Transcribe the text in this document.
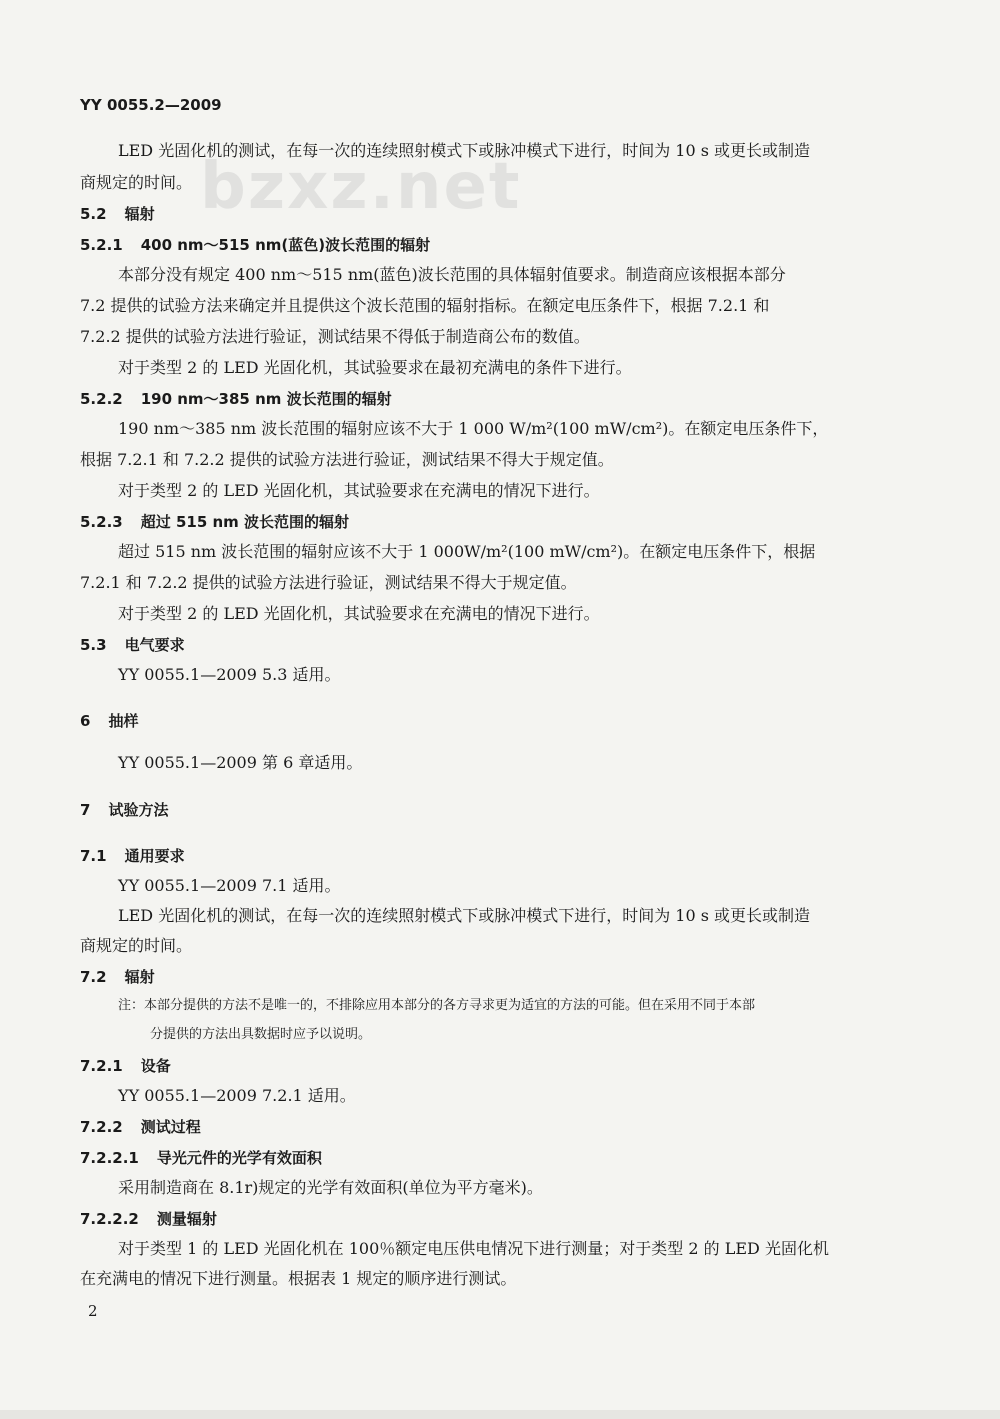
bzxz.net
YY 0055.2—2009
LED 光固化机的测试，在每一次的连续照射模式下或脉冲模式下进行，时间为 10 s 或更长或制造
商规定的时间。
5.2 辐射
5.2.1 400 nm～515 nm(蓝色)波长范围的辐射
本部分没有规定 400 nm～515 nm(蓝色)波长范围的具体辐射值要求。制造商应该根据本部分
7.2 提供的试验方法来确定并且提供这个波长范围的辐射指标。在额定电压条件下，根据 7.2.1 和
7.2.2 提供的试验方法进行验证，测试结果不得低于制造商公布的数值。
对于类型 2 的 LED 光固化机，其试验要求在最初充满电的条件下进行。
5.2.2 190 nm～385 nm 波长范围的辐射
190 nm～385 nm 波长范围的辐射应该不大于 1 000 W/m²(100 mW/cm²)。在额定电压条件下，
根据 7.2.1 和 7.2.2 提供的试验方法进行验证，测试结果不得大于规定值。
对于类型 2 的 LED 光固化机，其试验要求在充满电的情况下进行。
5.2.3 超过 515 nm 波长范围的辐射
超过 515 nm 波长范围的辐射应该不大于 1 000W/m²(100 mW/cm²)。在额定电压条件下，根据
7.2.1 和 7.2.2 提供的试验方法进行验证，测试结果不得大于规定值。
对于类型 2 的 LED 光固化机，其试验要求在充满电的情况下进行。
5.3 电气要求
YY 0055.1—2009 5.3 适用。
6 抽样
YY 0055.1—2009 第 6 章适用。
7 试验方法
7.1 通用要求
YY 0055.1—2009 7.1 适用。
LED 光固化机的测试，在每一次的连续照射模式下或脉冲模式下进行，时间为 10 s 或更长或制造
商规定的时间。
7.2 辐射
注：本部分提供的方法不是唯一的，不排除应用本部分的各方寻求更为适宜的方法的可能。但在采用不同于本部
分提供的方法出具数据时应予以说明。
7.2.1 设备
YY 0055.1—2009 7.2.1 适用。
7.2.2 测试过程
7.2.2.1 导光元件的光学有效面积
采用制造商在 8.1r)规定的光学有效面积(单位为平方毫米)。
7.2.2.2 测量辐射
对于类型 1 的 LED 光固化机在 100％额定电压供电情况下进行测量；对于类型 2 的 LED 光固化机
在充满电的情况下进行测量。根据表 1 规定的顺序进行测试。
2
